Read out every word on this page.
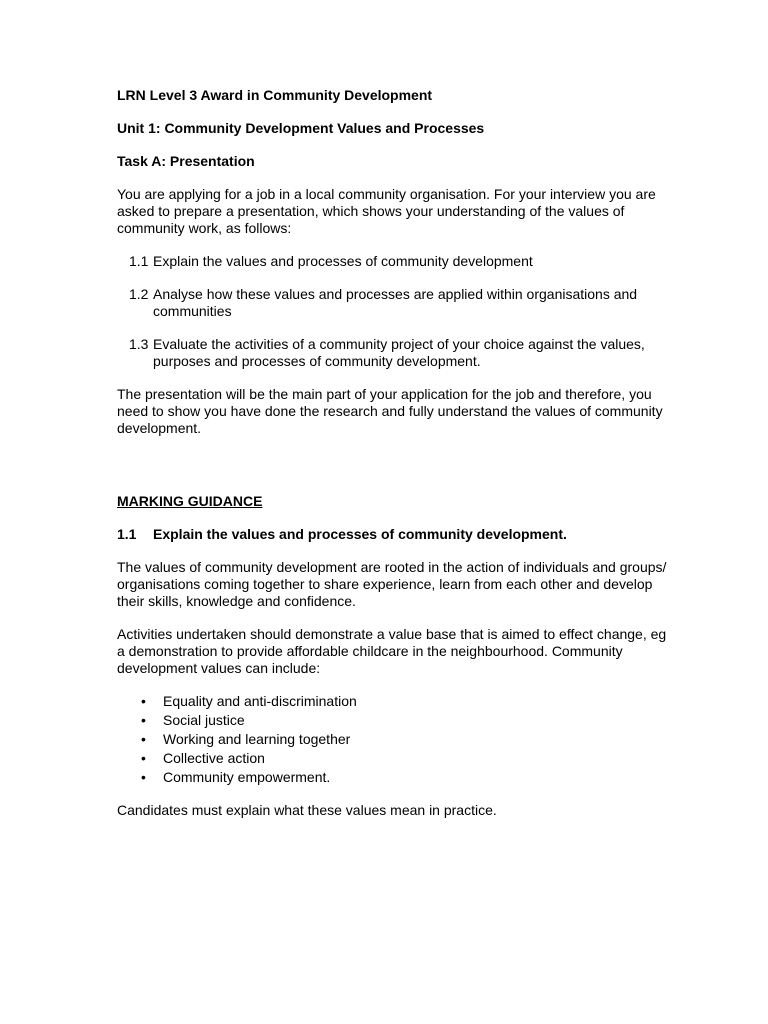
LRN Level 3 Award in Community Development
Unit 1: Community Development Values and Processes
Task A: Presentation
You are applying for a job in a local community organisation. For your interview you are asked to prepare a presentation, which shows your understanding of the values of community work, as follows:
1.1 Explain the values and processes of community development
1.2 Analyse how these values and processes are applied within organisations and communities
1.3 Evaluate the activities of a community project of your choice against the values, purposes and processes of community development.
The presentation will be the main part of your application for the job and therefore, you need to show you have done the research and fully understand the values of community development.
MARKING GUIDANCE
1.1 Explain the values and processes of community development.
The values of community development are rooted in the action of individuals and groups/ organisations coming together to share experience, learn from each other and develop their skills, knowledge and confidence.
Activities undertaken should demonstrate a value base that is aimed to effect change, eg a demonstration to provide affordable childcare in the neighbourhood. Community development values can include:
• Equality and anti-discrimination
• Social justice
• Working and learning together
• Collective action
• Community empowerment.
Candidates must explain what these values mean in practice.
